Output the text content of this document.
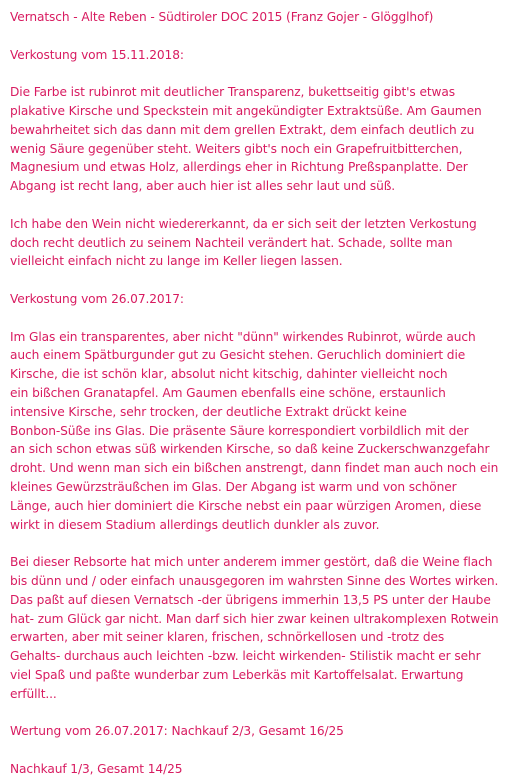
Vernatsch - Alte Reben - Südtiroler DOC 2015 (Franz Gojer - Glögglhof)

Verkostung vom 15.11.2018:

Die Farbe ist rubinrot mit deutlicher Transparenz, bukettseitig gibt's etwas

plakative Kirsche und Speckstein mit angekündigter Extraktsüße. Am Gaumen

bewahrheitet sich das dann mit dem grellen Extrakt, dem einfach deutlich zu

wenig Säure gegenüber steht. Weiters gibt's noch ein Grapefruitbitterchen,

Magnesium und etwas Holz, allerdings eher in Richtung Preßspanplatte. Der

Abgang ist recht lang, aber auch hier ist alles sehr laut und süß.

Ich habe den Wein nicht wiedererkannt, da er sich seit der letzten Verkostung

doch recht deutlich zu seinem Nachteil verändert hat. Schade, sollte man

vielleicht einfach nicht zu lange im Keller liegen lassen.

Verkostung vom 26.07.2017:

Im Glas ein transparentes, aber nicht "dünn" wirkendes Rubinrot, würde auch

auch einem Spätburgunder gut zu Gesicht stehen. Geruchlich dominiert die

Kirsche, die ist schön klar, absolut nicht kitschig, dahinter vielleicht noch

ein bißchen Granatapfel. Am Gaumen ebenfalls eine schöne, erstaunlich

intensive Kirsche, sehr trocken, der deutliche Extrakt drückt keine

Bonbon-Süße ins Glas. Die präsente Säure korrespondiert vorbildlich mit der

an sich schon etwas süß wirkenden Kirsche, so daß keine Zuckerschwanzgefahr

droht. Und wenn man sich ein bißchen anstrengt, dann findet man auch noch ein

kleines Gewürzsträußchen im Glas. Der Abgang ist warm und von schöner

Länge, auch hier dominiert die Kirsche nebst ein paar würzigen Aromen, diese

wirkt in diesem Stadium allerdings deutlich dunkler als zuvor.

Bei dieser Rebsorte hat mich unter anderem immer gestört, daß die Weine flach

bis dünn und / oder einfach unausgegoren im wahrsten Sinne des Wortes wirken.

Das paßt auf diesen Vernatsch -der übrigens immerhin 13,5 PS unter der Haube

hat- zum Glück gar nicht. Man darf sich hier zwar keinen ultrakomplexen Rotwein

erwarten, aber mit seiner klaren, frischen, schnörkellosen und -trotz des

Gehalts- durchaus auch leichten -bzw. leicht wirkenden- Stilistik macht er sehr

viel Spaß und paßte wunderbar zum Leberkäs mit Kartoffelsalat. Erwartung

erfüllt...

Wertung vom 26.07.2017: Nachkauf 2/3, Gesamt 16/25

Nachkauf 1/3, Gesamt 14/25
